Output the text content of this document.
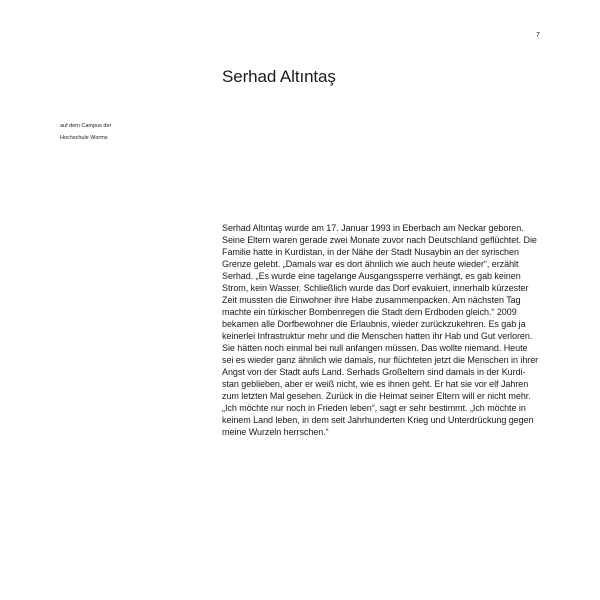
7
Serhad Altıntaş
auf dem Campus der
Hochschule Worms
Serhad Altıntaş wurde am 17. Januar 1993 in Eberbach am Neckar geboren.
Seine Eltern waren gerade zwei Monate zuvor nach Deutschland geflüchtet. Die
Familie hatte in Kurdistan, in der Nähe der Stadt Nusaybin an der syrischen
Grenze gelebt. „Damals war es dort ähnlich wie auch heute wieder“, erzählt
Serhad. „Es wurde eine tagelange Ausgangssperre verhängt, es gab keinen
Strom, kein Wasser. Schließlich wurde das Dorf evakuiert, innerhalb kürzester
Zeit mussten die Einwohner ihre Habe zusammenpacken. Am nächsten Tag
machte ein türkischer Bombenregen die Stadt dem Erdboden gleich.“ 2009
bekamen alle Dorfbewohner die Erlaubnis, wieder zurückzukehren. Es gab ja
keinerlei Infrastruktur mehr und die Menschen hatten ihr Hab und Gut verloren.
Sie hätten noch einmal bei null anfangen müssen. Das wollte niemand. Heute
sei es wieder ganz ähnlich wie damals, nur flüchteten jetzt die Menschen in ihrer
Angst von der Stadt aufs Land. Serhads Großeltern sind damals in der Kurdi-
stan geblieben, aber er weiß nicht, wie es ihnen geht. Er hat sie vor elf Jahren
zum letzten Mal gesehen. Zurück in die Heimat seiner Eltern will er nicht mehr.
„Ich möchte nur noch in Frieden leben“, sagt er sehr bestimmt. „Ich möchte in
keinem Land leben, in dem seit Jahrhunderten Krieg und Unterdrückung gegen
meine Wurzeln herrschen.“
